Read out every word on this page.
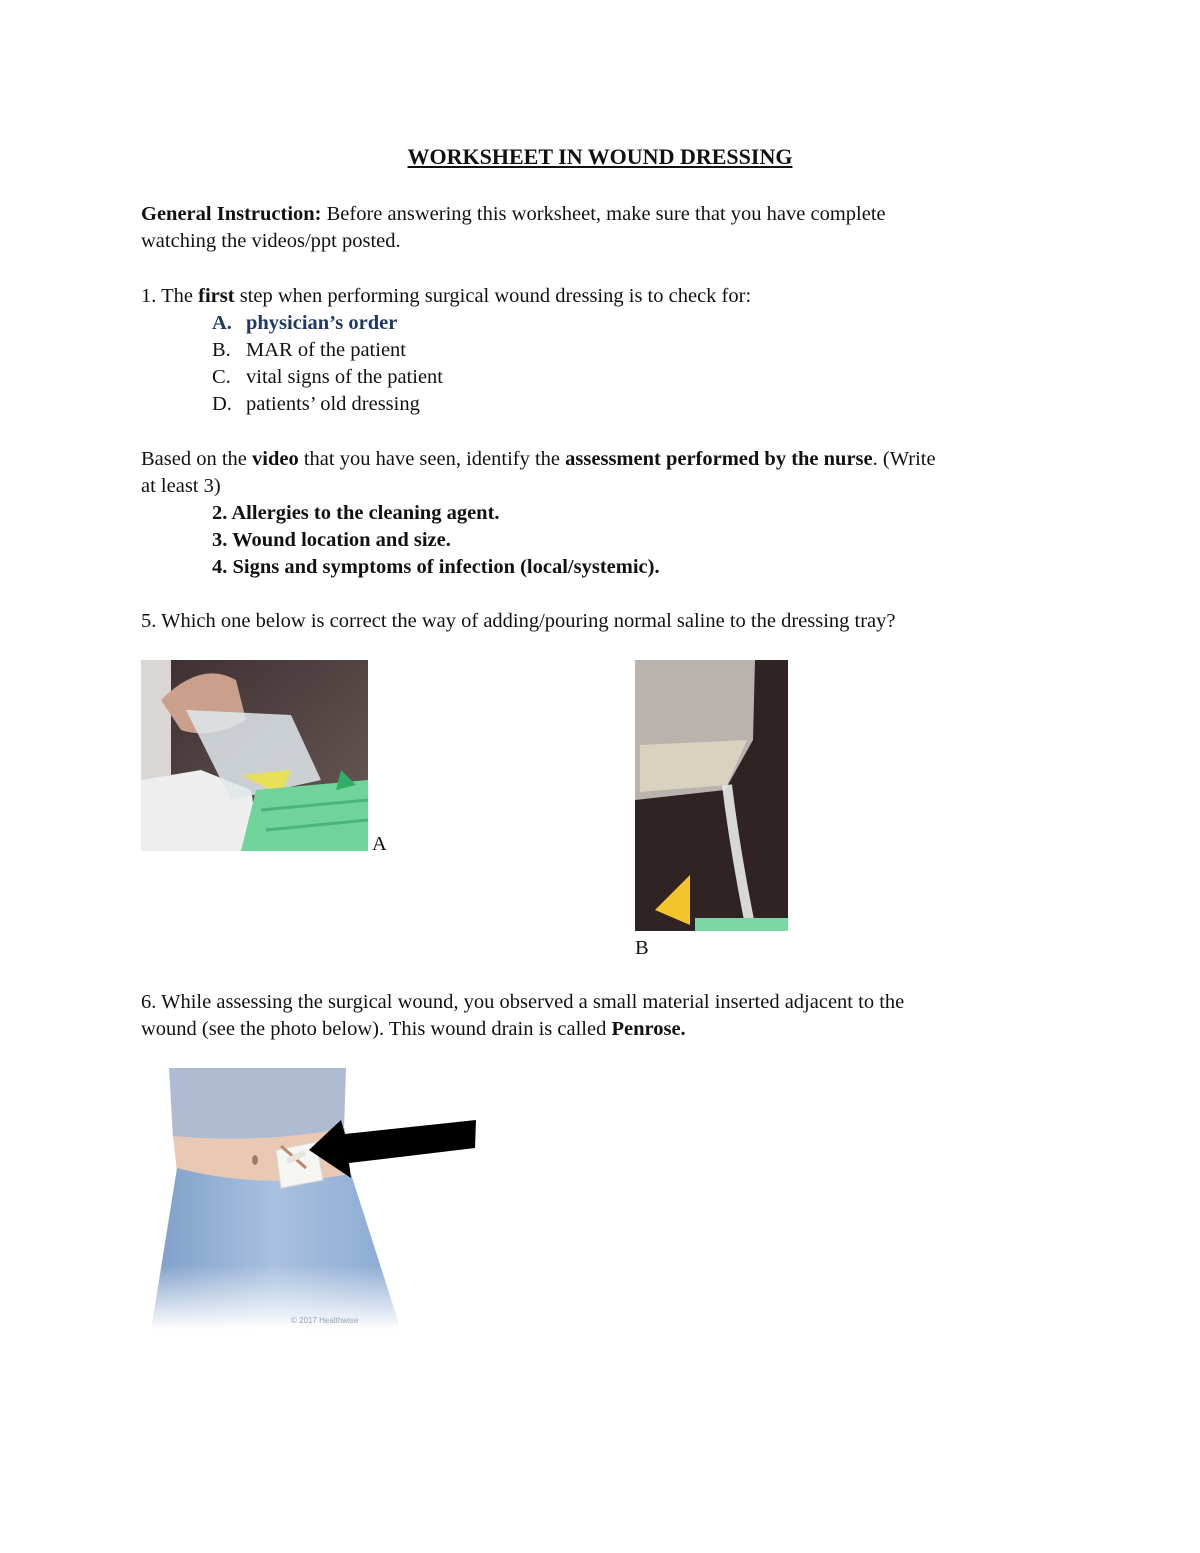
WORKSHEET IN WOUND DRESSING
General Instruction: Before answering this worksheet, make sure that you have complete
watching the videos/ppt posted.
1. The first step when performing surgical wound dressing is to check for:
A. physician’s order
B. MAR of the patient
C. vital signs of the patient
D. patients’ old dressing
Based on the video that you have seen, identify the assessment performed by the nurse. (Write
at least 3)
2. Allergies to the cleaning agent.
3. Wound location and size.
4. Signs and symptoms of infection (local/systemic).
5. Which one below is correct the way of adding/pouring normal saline to the dressing tray?
A
B
6. While assessing the surgical wound, you observed a small material inserted adjacent to the
wound (see the photo below). This wound drain is called Penrose.
© 2017 Healthwise
